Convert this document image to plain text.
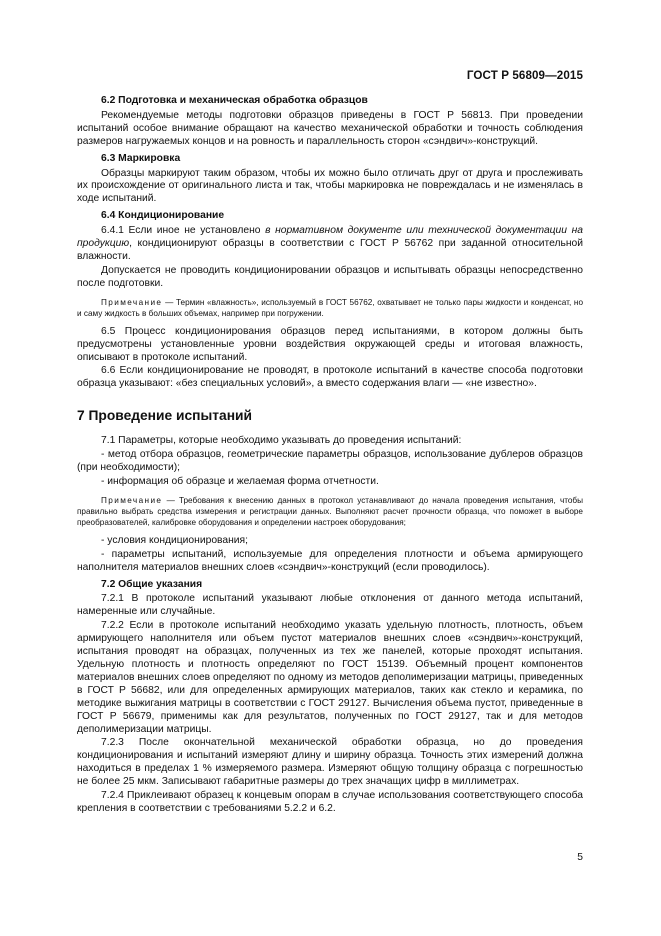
ГОСТ Р 56809—2015
6.2 Подготовка и механическая обработка образцов

Рекомендуемые методы подготовки образцов приведены в ГОСТ Р 56813. При проведении испытаний особое внимание обращают на качество механической обработки и точность соблюдения размеров нагружаемых концов и на ровность и параллельность сторон «сэндвич»-конструкций.

6.3 Маркировка

Образцы маркируют таким образом, чтобы их можно было отличать друг от друга и прослеживать их происхождение от оригинального листа и так, чтобы маркировка не повреждалась и не изменялась в ходе испытаний.

6.4 Кондиционирование

6.4.1 Если иное не установлено в нормативном документе или технической документации на продукцию, кондиционируют образцы в соответствии с ГОСТ Р 56762 при заданной относительной влажности.

Допускается не проводить кондиционировании образцов и испытывать образцы непосредственно после подготовки.

Примечание — Термин «влажность», используемый в ГОСТ 56762, охватывает не только пары жидкости и конденсат, но и саму жидкость в больших объемах, например при погружении.

6.5 Процесс кондиционирования образцов перед испытаниями, в котором должны быть предусмотрены установленные уровни воздействия окружающей среды и итоговая влажность, описывают в протоколе испытаний.

6.6 Если кондиционирование не проводят, в протоколе испытаний в качестве способа подготовки образца указывают: «без специальных условий», а вместо содержания влаги — «не известно».

7 Проведение испытаний

7.1 Параметры, которые необходимо указывать до проведения испытаний:

- метод отбора образцов, геометрические параметры образцов, использование дублеров образцов (при необходимости);

- информация об образце и желаемая форма отчетности.

Примечание — Требования к внесению данных в протокол устанавливают до начала проведения испытания, чтобы правильно выбрать средства измерения и регистрации данных. Выполняют расчет прочности образца, что поможет в выборе преобразователей, калибровке оборудования и определении настроек оборудования;

- условия кондиционирования;

- параметры испытаний, используемые для определения плотности и объема армирующего наполнителя материалов внешних слоев «сэндвич»-конструкций (если проводилось).

7.2 Общие указания

7.2.1 В протоколе испытаний указывают любые отклонения от данного метода испытаний, намеренные или случайные.

7.2.2 Если в протоколе испытаний необходимо указать удельную плотность, плотность, объем армирующего наполнителя или объем пустот материалов внешних слоев «сэндвич»-конструкций, испытания проводят на образцах, полученных из тех же панелей, которые проходят испытания. Удельную плотность и плотность определяют по ГОСТ 15139. Объемный процент компонентов материалов внешних слоев определяют по одному из методов деполимеризации матрицы, приведенных в ГОСТ Р 56682, или для определенных армирующих материалов, таких как стекло и керамика, по методике выжигания матрицы в соответствии с ГОСТ 29127. Вычисления объема пустот, приведенные в ГОСТ Р 56679, применимы как для результатов, полученных по ГОСТ 29127, так и для методов деполимеризации матрицы.

7.2.3 После окончательной механической обработки образца, но до проведения кондиционирования и испытаний измеряют длину и ширину образца. Точность этих измерений должна находиться в пределах 1 % измеряемого размера. Измеряют общую толщину образца с погрешностью не более 25 мкм. Записывают габаритные размеры до трех значащих цифр в миллиметрах.

7.2.4 Приклеивают образец к концевым опорам в случае использования соответствующего способа крепления в соответствии с требованиями 5.2.2 и 6.2.

5
